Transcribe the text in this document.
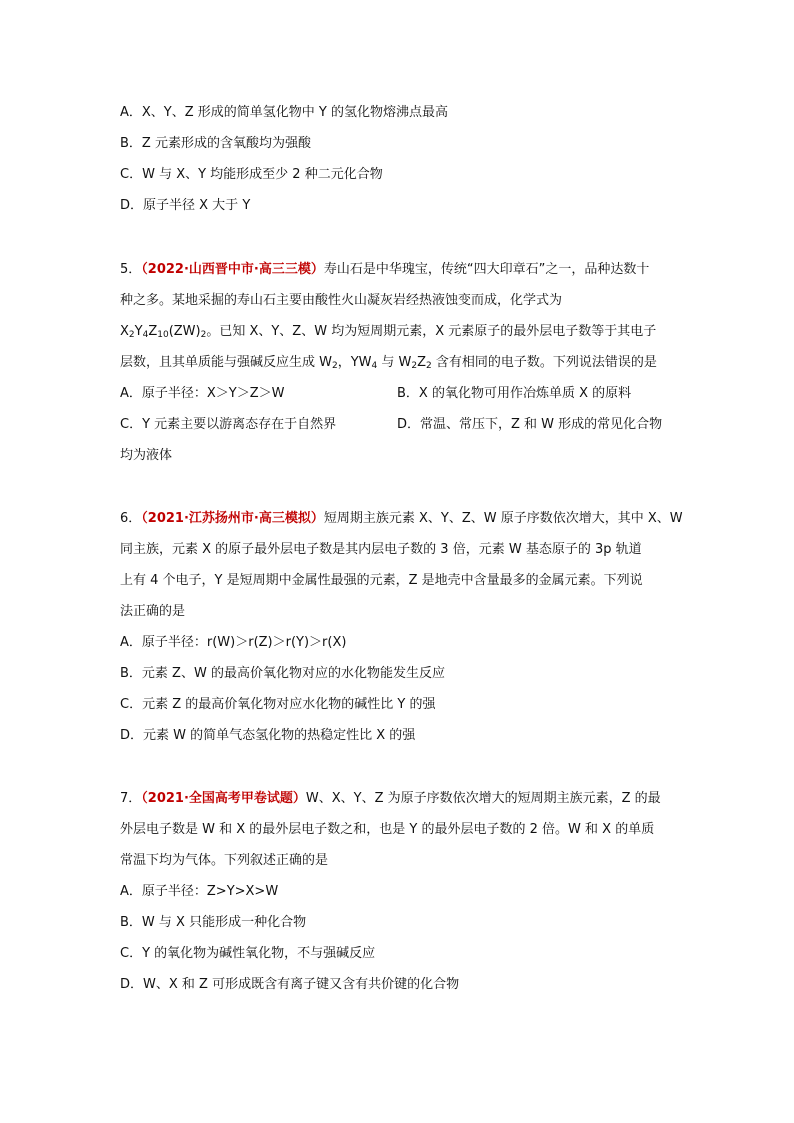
A．X、Y、Z 形成的简单氢化物中 Y 的氢化物熔沸点最高
B．Z 元素形成的含氧酸均为强酸
C．W 与 X、Y 均能形成至少 2 种二元化合物
D．原子半径 X 大于 Y
5．（2022·山西晋中市·高三三模）寿山石是中华瑰宝，传统“四大印章石”之一，品种达数十
种之多。某地采掘的寿山石主要由酸性火山凝灰岩经热液蚀变而成，化学式为
$X_2Y_4Z_{10}(ZW)_2$。已知 X、Y、Z、W 均为短周期元素，X 元素原子的最外层电子数等于其电子
层数，且其单质能与强碱反应生成 $W_2$，$YW_4$ 与 $W_2Z_2$ 含有相同的电子数。下列说法错误的是
A．原子半径：X＞Y＞Z＞W	B．X 的氧化物可用作冶炼单质 X 的原料
C．Y 元素主要以游离态存在于自然界	D．常温、常压下，Z 和 W 形成的常见化合物
均为液体
6．（2021·江苏扬州市·高三模拟）短周期主族元素 X、Y、Z、W 原子序数依次增大，其中 X、W
同主族，元素 X 的原子最外层电子数是其内层电子数的 3 倍，元素 W 基态原子的 3p 轨道
上有 4 个电子，Y 是短周期中金属性最强的元素，Z 是地壳中含量最多的金属元素。下列说
法正确的是
A．原子半径：r(W)＞r(Z)＞r(Y)＞r(X)
B．元素 Z、W 的最高价氧化物对应的水化物能发生反应
C．元素 Z 的最高价氧化物对应水化物的碱性比 Y 的强
D．元素 W 的简单气态氢化物的热稳定性比 X 的强
7．（2021·全国高考甲卷试题）W、X、Y、Z 为原子序数依次增大的短周期主族元素，Z 的最
外层电子数是 W 和 X 的最外层电子数之和，也是 Y 的最外层电子数的 2 倍。W 和 X 的单质
常温下均为气体。下列叙述正确的是
A．原子半径：Z>Y>X>W
B．W 与 X 只能形成一种化合物
C．Y 的氧化物为碱性氧化物，不与强碱反应
D．W、X 和 Z 可形成既含有离子键又含有共价键的化合物
